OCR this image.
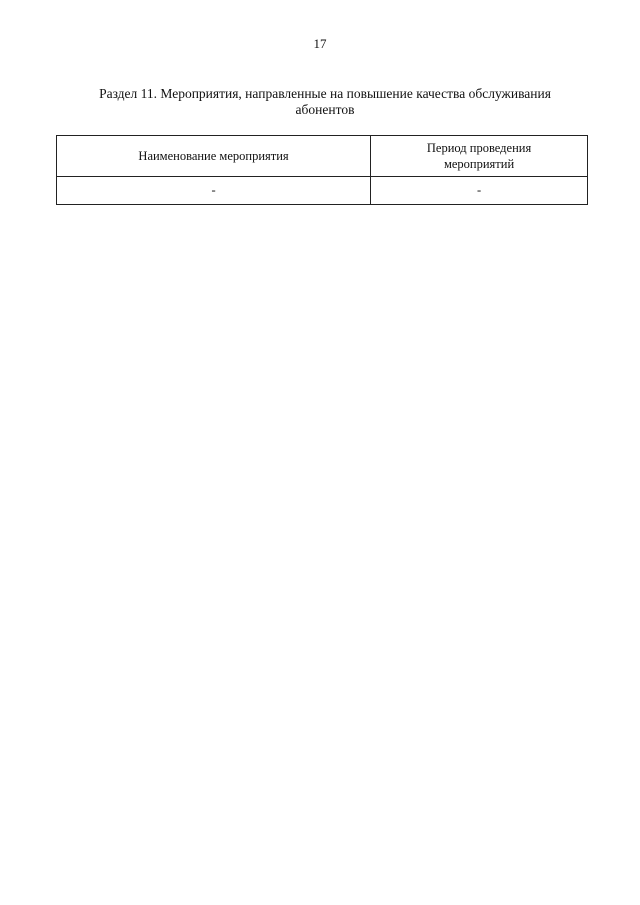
17
Раздел 11. Мероприятия, направленные на повышение качества обслуживания
абонентов
Наименование мероприятия	Период проведения
мероприятий
-	-
